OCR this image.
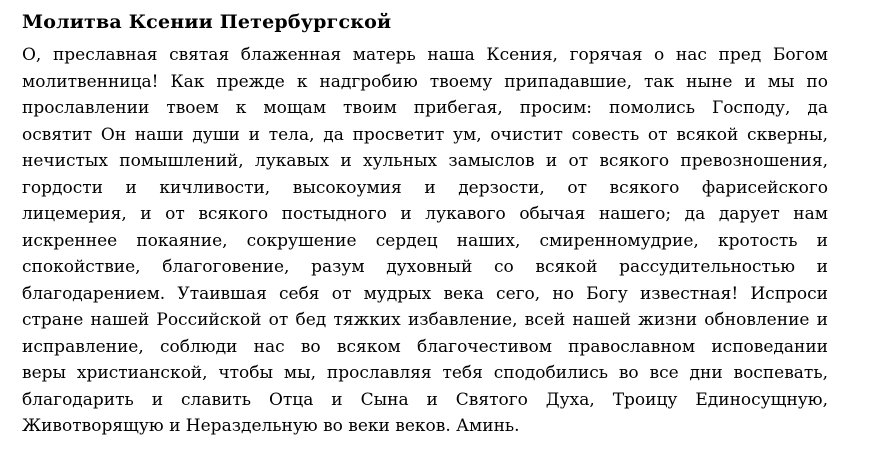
Молитва Ксении Петербургской
О, преславная святая блаженная матерь наша Ксения, горячая о нас пред Богом
молитвенница! Как прежде к надгробию твоему припадавшие, так ныне и мы по
прославлении твоем к мощам твоим прибегая, просим: помолись Господу, да
освятит Он наши души и тела, да просветит ум, очистит совесть от всякой скверны,
нечистых помышлений, лукавых и хульных замыслов и от всякого превозношения,
гордости и кичливости, высокоумия и дерзости, от всякого фарисейского
лицемерия, и от всякого постыдного и лукавого обычая нашего; да дарует нам
искреннее покаяние, сокрушение сердец наших, смиренномудрие, кротость и
спокойствие, благоговение, разум духовный со всякой рассудительностью и
благодарением. Утаившая себя от мудрых века сего, но Богу известная! Испроси
стране нашей Российской от бед тяжких избавление, всей нашей жизни обновление и
исправление, соблюди нас во всяком благочестивом православном исповедании
веры христианской, чтобы мы, прославляя тебя сподобились во все дни воспевать,
благодарить и славить Отца и Сына и Святого Духа, Троицу Единосущную,
Животворящую и Нераздельную во веки веков. Аминь.
